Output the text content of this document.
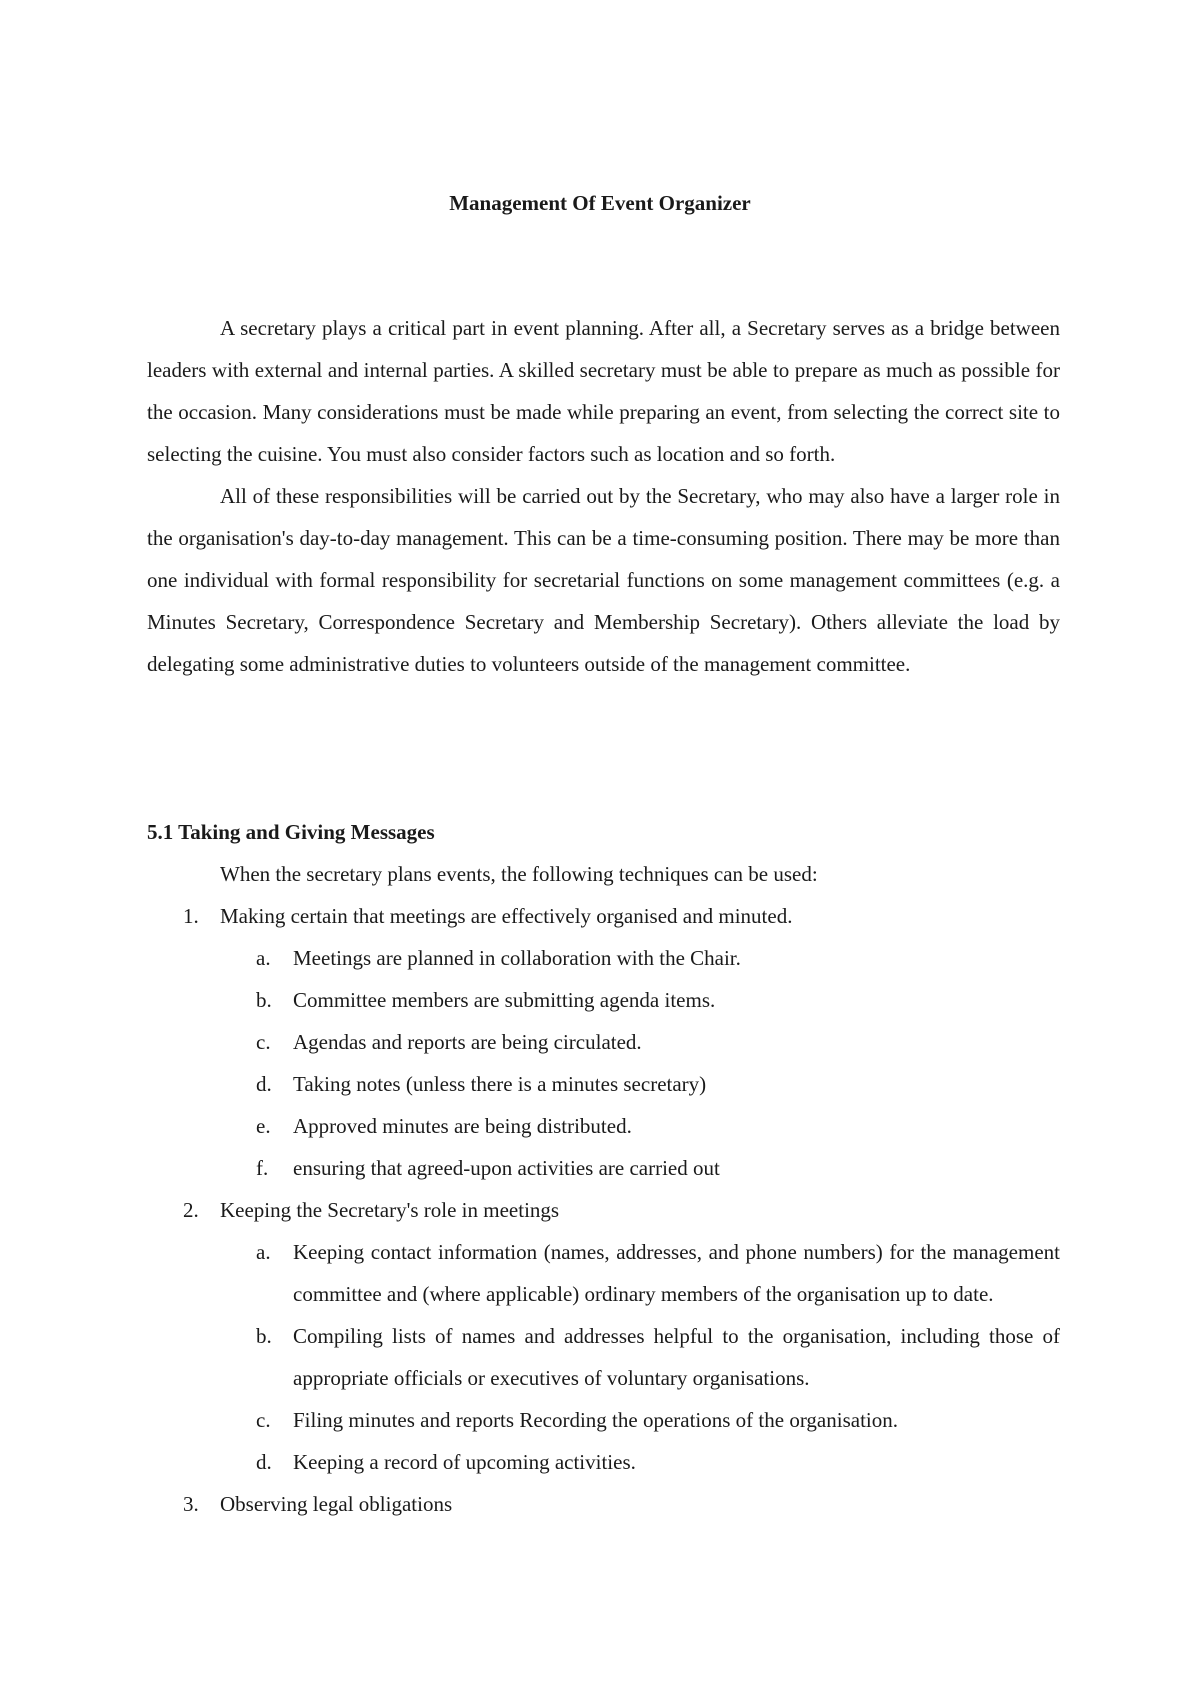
Management Of Event Organizer

A secretary plays a critical part in event planning. After all, a Secretary serves as a bridge between leaders with external and internal parties. A skilled secretary must be able to prepare as much as possible for the occasion. Many considerations must be made while preparing an event, from selecting the correct site to selecting the cuisine. You must also consider factors such as location and so forth.

All of these responsibilities will be carried out by the Secretary, who may also have a larger role in the organisation's day-to-day management. This can be a time-consuming position. There may be more than one individual with formal responsibility for secretarial functions on some management committees (e.g. a Minutes Secretary, Correspondence Secretary and Membership Secretary). Others alleviate the load by delegating some administrative duties to volunteers outside of the management committee.

5.1 Taking and Giving Messages

When the secretary plans events, the following techniques can be used:

1. Making certain that meetings are effectively organised and minuted.
a. Meetings are planned in collaboration with the Chair.
b. Committee members are submitting agenda items.
c. Agendas and reports are being circulated.
d. Taking notes (unless there is a minutes secretary)
e. Approved minutes are being distributed.
f. ensuring that agreed-upon activities are carried out
2. Keeping the Secretary's role in meetings
a. Keeping contact information (names, addresses, and phone numbers) for the management committee and (where applicable) ordinary members of the organisation up to date.
b. Compiling lists of names and addresses helpful to the organisation, including those of appropriate officials or executives of voluntary organisations.
c. Filing minutes and reports Recording the operations of the organisation.
d. Keeping a record of upcoming activities.
3. Observing legal obligations
